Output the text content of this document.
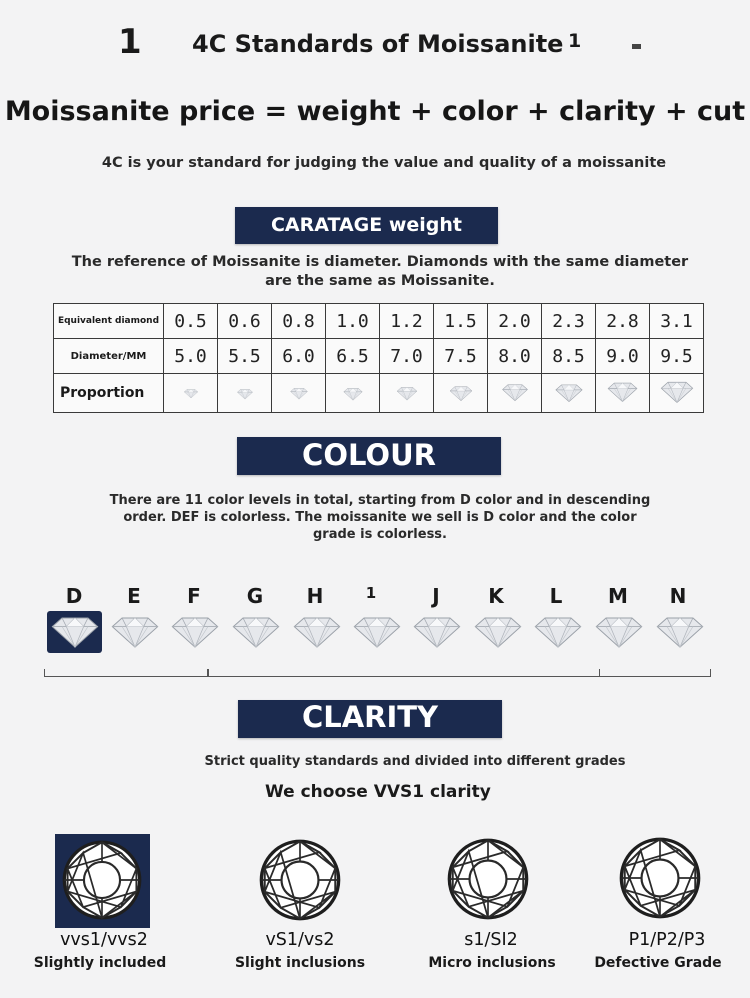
1 4C Standards of Moissanite 1
Moissanite price = weight + color + clarity + cut
4C is your standard for judging the value and quality of a moissanite
CARATAGE weight
The reference of Moissanite is diameter. Diamonds with the same diameter are the same as Moissanite.
Equivalent diamond	0.5	0.6	0.8	1.0	1.2	1.5	2.0	2.3	2.8	3.1
Diameter/MM	5.0	5.5	6.0	6.5	7.0	7.5	8.0	8.5	9.0	9.5
Proportion										
COLOUR
There are 11 color levels in total, starting from D color and in descending order. DEF is colorless. The moissanite we sell is D color and the color grade is colorless.
D	E	F	G	H	1	J	K	L	M	N
CLARITY
Strict quality standards and divided into different grades
We choose VVS1 clarity
vvs1/vvs2
Slightly included
vS1/vs2
Slight inclusions
s1/SI2
Micro inclusions
P1/P2/P3
Defective Grade
